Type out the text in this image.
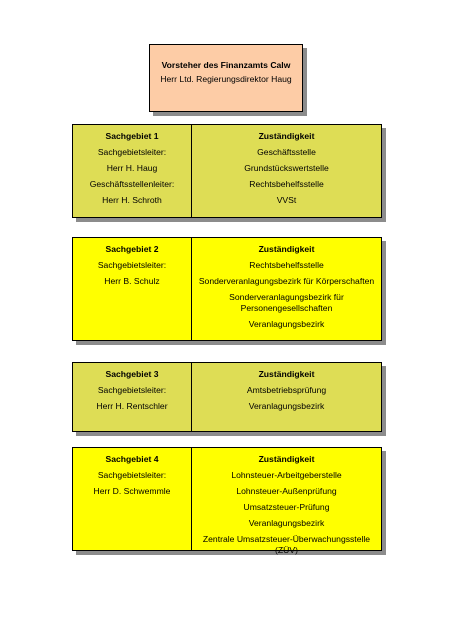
Vorsteher des Finanzamts Calw
Herr Ltd. Regierungsdirektor Haug
Sachgebiet 1
Sachgebietsleiter:
Herr H. Haug
Geschäftsstellenleiter:
Herr H. Schroth
Zuständigkeit
Geschäftsstelle
Grundstückswertstelle
Rechtsbehelfsstelle
VVSt
Sachgebiet 2
Sachgebietsleiter:
Herr B. Schulz
Zuständigkeit
Rechtsbehelfsstelle
Sonderveranlagungsbezirk für Körperschaften
Sonderveranlagungsbezirk für Personengesellschaften
Veranlagungsbezirk
Sachgebiet 3
Sachgebietsleiter:
Herr H. Rentschler
Zuständigkeit
Amtsbetriebsprüfung
Veranlagungsbezirk
Sachgebiet 4
Sachgebietsleiter:
Herr D. Schwemmle
Zuständigkeit
Lohnsteuer-Arbeitgeberstelle
Lohnsteuer-Außenprüfung
Umsatzsteuer-Prüfung
Veranlagungsbezirk
Zentrale Umsatzsteuer-Überwachungsstelle (ZÜV)
